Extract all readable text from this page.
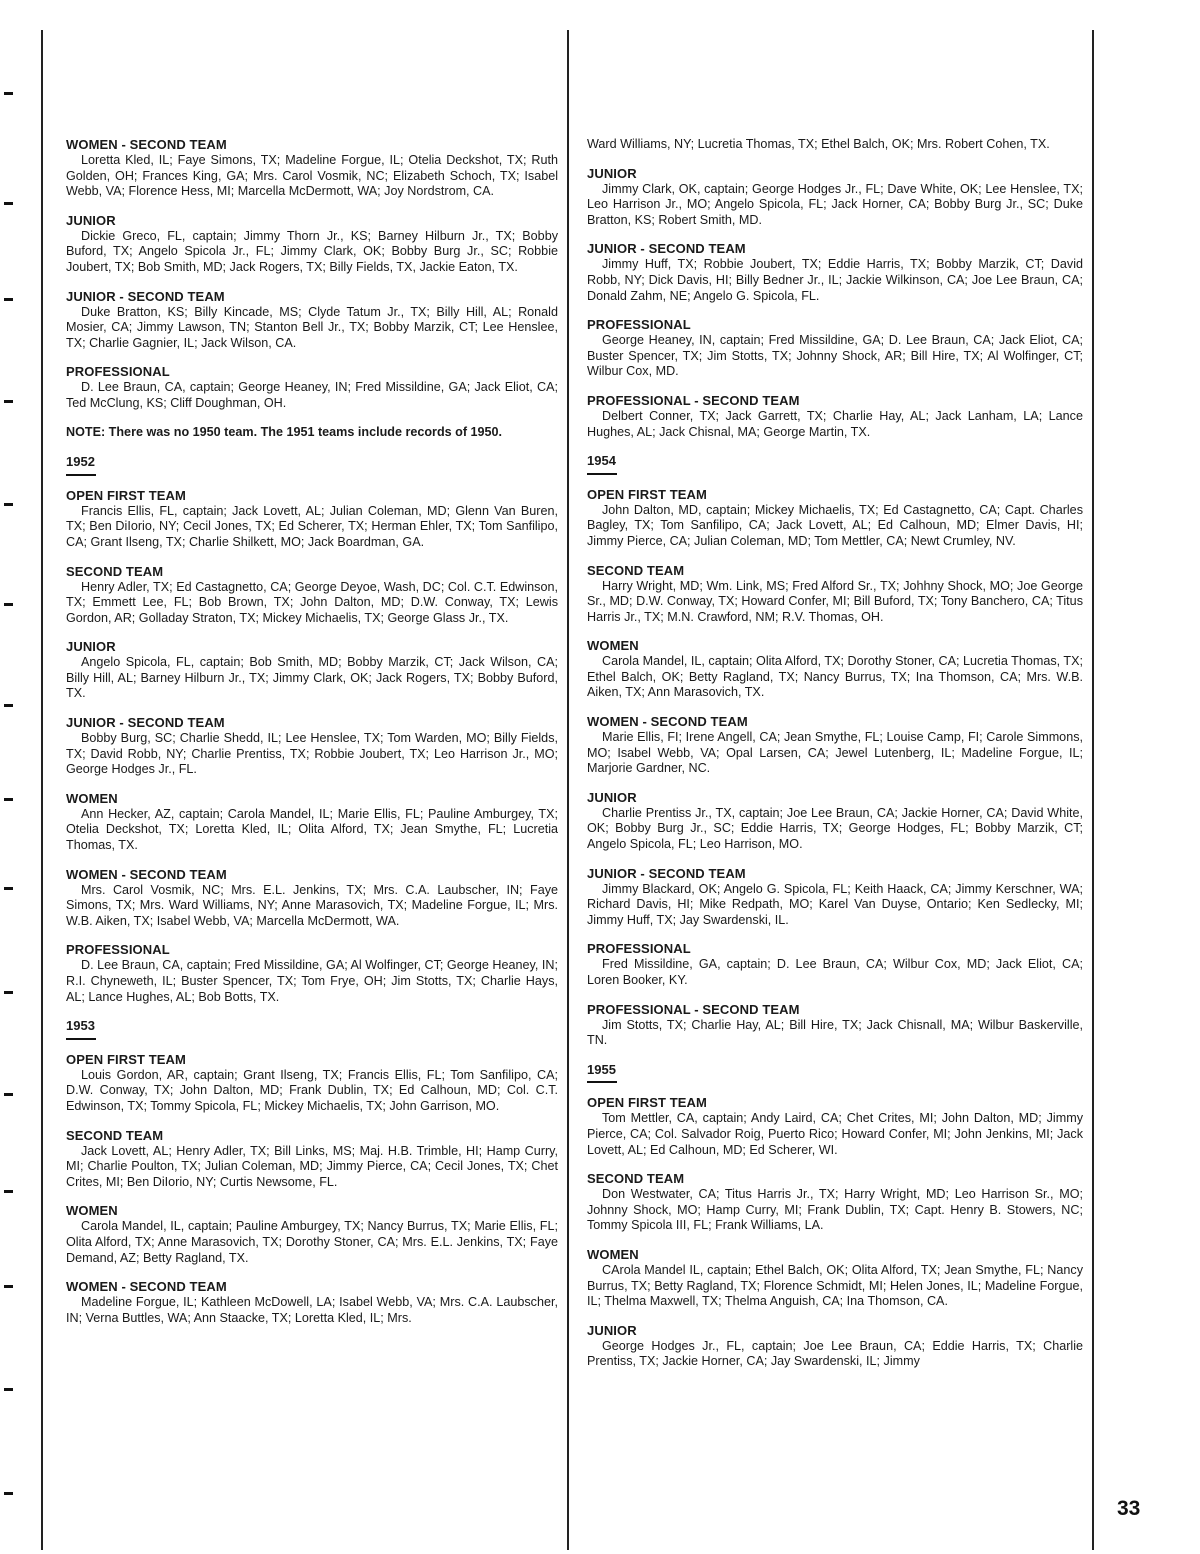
WOMEN - SECOND TEAM
Loretta Kled, IL; Faye Simons, TX; Madeline Forgue, IL; Otelia Deckshot, TX; Ruth Golden, OH; Frances King, GA; Mrs. Carol Vosmik, NC; Elizabeth Schoch, TX; Isabel Webb, VA; Florence Hess, MI; Marcella McDermott, WA; Joy Nordstrom, CA.
JUNIOR
Dickie Greco, FL, captain; Jimmy Thorn Jr., KS; Barney Hilburn Jr., TX; Bobby Buford, TX; Angelo Spicola Jr., FL; Jimmy Clark, OK; Bobby Burg Jr., SC; Robbie Joubert, TX; Bob Smith, MD; Jack Rogers, TX; Billy Fields, TX, Jackie Eaton, TX.
JUNIOR - SECOND TEAM
Duke Bratton, KS; Billy Kincade, MS; Clyde Tatum Jr., TX; Billy Hill, AL; Ronald Mosier, CA; Jimmy Lawson, TN; Stanton Bell Jr., TX; Bobby Marzik, CT; Lee Henslee, TX; Charlie Gagnier, IL; Jack Wilson, CA.
PROFESSIONAL
D. Lee Braun, CA, captain; George Heaney, IN; Fred Missildine, GA; Jack Eliot, CA; Ted McClung, KS; Cliff Doughman, OH.
NOTE: There was no 1950 team. The 1951 teams include records of 1950.
1952
OPEN FIRST TEAM
Francis Ellis, FL, captain; Jack Lovett, AL; Julian Coleman, MD; Glenn Van Buren, TX; Ben DiIorio, NY; Cecil Jones, TX; Ed Scherer, TX; Herman Ehler, TX; Tom Sanfilipo, CA; Grant Ilseng, TX; Charlie Shilkett, MO; Jack Boardman, GA.
SECOND TEAM
Henry Adler, TX; Ed Castagnetto, CA; George Deyoe, Wash, DC; Col. C.T. Edwinson, TX; Emmett Lee, FL; Bob Brown, TX; John Dalton, MD; D.W. Conway, TX; Lewis Gordon, AR; Golladay Straton, TX; Mickey Michaelis, TX; George Glass Jr., TX.
JUNIOR
Angelo Spicola, FL, captain; Bob Smith, MD; Bobby Marzik, CT; Jack Wilson, CA; Billy Hill, AL; Barney Hilburn Jr., TX; Jimmy Clark, OK; Jack Rogers, TX; Bobby Buford, TX.
JUNIOR - SECOND TEAM
Bobby Burg, SC; Charlie Shedd, IL; Lee Henslee, TX; Tom Warden, MO; Billy Fields, TX; David Robb, NY; Charlie Prentiss, TX; Robbie Joubert, TX; Leo Harrison Jr., MO; George Hodges Jr., FL.
WOMEN
Ann Hecker, AZ, captain; Carola Mandel, IL; Marie Ellis, FL; Pauline Amburgey, TX; Otelia Deckshot, TX; Loretta Kled, IL; Olita Alford, TX; Jean Smythe, FL; Lucretia Thomas, TX.
WOMEN - SECOND TEAM
Mrs. Carol Vosmik, NC; Mrs. E.L. Jenkins, TX; Mrs. C.A. Laubscher, IN; Faye Simons, TX; Mrs. Ward Williams, NY; Anne Marasovich, TX; Madeline Forgue, IL; Mrs. W.B. Aiken, TX; Isabel Webb, VA; Marcella McDermott, WA.
PROFESSIONAL
D. Lee Braun, CA, captain; Fred Missildine, GA; Al Wolfinger, CT; George Heaney, IN; R.I. Chyneweth, IL; Buster Spencer, TX; Tom Frye, OH; Jim Stotts, TX; Charlie Hays, AL; Lance Hughes, AL; Bob Botts, TX.
1953
OPEN FIRST TEAM
Louis Gordon, AR, captain; Grant Ilseng, TX; Francis Ellis, FL; Tom Sanfilipo, CA; D.W. Conway, TX; John Dalton, MD; Frank Dublin, TX; Ed Calhoun, MD; Col. C.T. Edwinson, TX; Tommy Spicola, FL; Mickey Michaelis, TX; John Garrison, MO.
SECOND TEAM
Jack Lovett, AL; Henry Adler, TX; Bill Links, MS; Maj. H.B. Trimble, HI; Hamp Curry, MI; Charlie Poulton, TX; Julian Coleman, MD; Jimmy Pierce, CA; Cecil Jones, TX; Chet Crites, MI; Ben DiIorio, NY; Curtis Newsome, FL.
WOMEN
Carola Mandel, IL, captain; Pauline Amburgey, TX; Nancy Burrus, TX; Marie Ellis, FL; Olita Alford, TX; Anne Marasovich, TX; Dorothy Stoner, CA; Mrs. E.L. Jenkins, TX; Faye Demand, AZ; Betty Ragland, TX.
WOMEN - SECOND TEAM
Madeline Forgue, IL; Kathleen McDowell, LA; Isabel Webb, VA; Mrs. C.A. Laubscher, IN; Verna Buttles, WA; Ann Staacke, TX; Loretta Kled, IL; Mrs.
Ward Williams, NY; Lucretia Thomas, TX; Ethel Balch, OK; Mrs. Robert Cohen, TX.
JUNIOR
Jimmy Clark, OK, captain; George Hodges Jr., FL; Dave White, OK; Lee Henslee, TX; Leo Harrison Jr., MO; Angelo Spicola, FL; Jack Horner, CA; Bobby Burg Jr., SC; Duke Bratton, KS; Robert Smith, MD.
JUNIOR - SECOND TEAM
Jimmy Huff, TX; Robbie Joubert, TX; Eddie Harris, TX; Bobby Marzik, CT; David Robb, NY; Dick Davis, HI; Billy Bedner Jr., IL; Jackie Wilkinson, CA; Joe Lee Braun, CA; Donald Zahm, NE; Angelo G. Spicola, FL.
PROFESSIONAL
George Heaney, IN, captain; Fred Missildine, GA; D. Lee Braun, CA; Jack Eliot, CA; Buster Spencer, TX; Jim Stotts, TX; Johnny Shock, AR; Bill Hire, TX; Al Wolfinger, CT; Wilbur Cox, MD.
PROFESSIONAL - SECOND TEAM
Delbert Conner, TX; Jack Garrett, TX; Charlie Hay, AL; Jack Lanham, LA; Lance Hughes, AL; Jack Chisnal, MA; George Martin, TX.
1954
OPEN FIRST TEAM
John Dalton, MD, captain; Mickey Michaelis, TX; Ed Castagnetto, CA; Capt. Charles Bagley, TX; Tom Sanfilipo, CA; Jack Lovett, AL; Ed Calhoun, MD; Elmer Davis, HI; Jimmy Pierce, CA; Julian Coleman, MD; Tom Mettler, CA; Newt Crumley, NV.
SECOND TEAM
Harry Wright, MD; Wm. Link, MS; Fred Alford Sr., TX; Johhny Shock, MO; Joe George Sr., MD; D.W. Conway, TX; Howard Confer, MI; Bill Buford, TX; Tony Banchero, CA; Titus Harris Jr., TX; M.N. Crawford, NM; R.V. Thomas, OH.
WOMEN
Carola Mandel, IL, captain; Olita Alford, TX; Dorothy Stoner, CA; Lucretia Thomas, TX; Ethel Balch, OK; Betty Ragland, TX; Nancy Burrus, TX; Ina Thomson, CA; Mrs. W.B. Aiken, TX; Ann Marasovich, TX.
WOMEN - SECOND TEAM
Marie Ellis, FI; Irene Angell, CA; Jean Smythe, FL; Louise Camp, FI; Carole Simmons, MO; Isabel Webb, VA; Opal Larsen, CA; Jewel Lutenberg, IL; Madeline Forgue, IL; Marjorie Gardner, NC.
JUNIOR
Charlie Prentiss Jr., TX, captain; Joe Lee Braun, CA; Jackie Horner, CA; David White, OK; Bobby Burg Jr., SC; Eddie Harris, TX; George Hodges, FL; Bobby Marzik, CT; Angelo Spicola, FL; Leo Harrison, MO.
JUNIOR - SECOND TEAM
Jimmy Blackard, OK; Angelo G. Spicola, FL; Keith Haack, CA; Jimmy Kerschner, WA; Richard Davis, HI; Mike Redpath, MO; Karel Van Duyse, Ontario; Ken Sedlecky, MI; Jimmy Huff, TX; Jay Swardenski, IL.
PROFESSIONAL
Fred Missildine, GA, captain; D. Lee Braun, CA; Wilbur Cox, MD; Jack Eliot, CA; Loren Booker, KY.
PROFESSIONAL - SECOND TEAM
Jim Stotts, TX; Charlie Hay, AL; Bill Hire, TX; Jack Chisnall, MA; Wilbur Baskerville, TN.
1955
OPEN FIRST TEAM
Tom Mettler, CA, captain; Andy Laird, CA; Chet Crites, MI; John Dalton, MD; Jimmy Pierce, CA; Col. Salvador Roig, Puerto Rico; Howard Confer, MI; John Jenkins, MI; Jack Lovett, AL; Ed Calhoun, MD; Ed Scherer, WI.
SECOND TEAM
Don Westwater, CA; Titus Harris Jr., TX; Harry Wright, MD; Leo Harrison Sr., MO; Johnny Shock, MO; Hamp Curry, MI; Frank Dublin, TX; Capt. Henry B. Stowers, NC; Tommy Spicola III, FL; Frank Williams, LA.
WOMEN
CArola Mandel IL, captain; Ethel Balch, OK; Olita Alford, TX; Jean Smythe, FL; Nancy Burrus, TX; Betty Ragland, TX; Florence Schmidt, MI; Helen Jones, IL; Madeline Forgue, IL; Thelma Maxwell, TX; Thelma Anguish, CA; Ina Thomson, CA.
JUNIOR
George Hodges Jr., FL, captain; Joe Lee Braun, CA; Eddie Harris, TX; Charlie Prentiss, TX; Jackie Horner, CA; Jay Swardenski, IL; Jimmy
33
